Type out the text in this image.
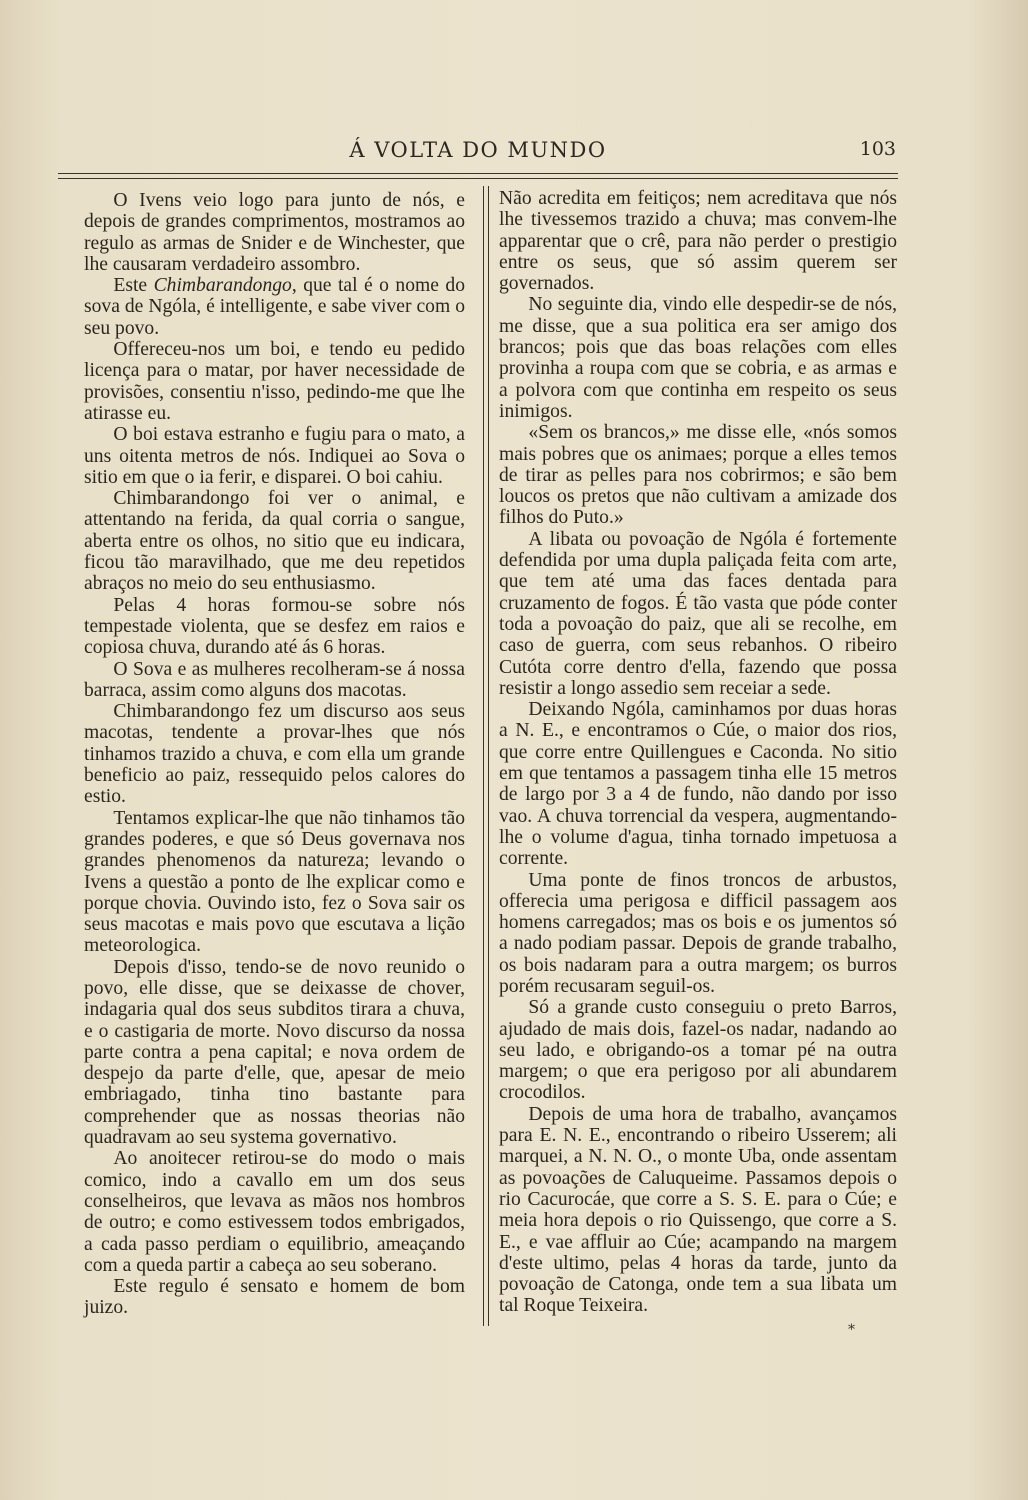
Á VOLTA DO MUNDO	103

O Ivens veio logo para junto de nós, e depois de grandes comprimentos, mostramos ao regulo as armas de Snider e de Winchester, que lhe causaram verdadeiro assombro.

Este Chimbarandongo, que tal é o nome do sova de Ngóla, é intelligente, e sabe viver com o seu povo.

Offereceu-nos um boi, e tendo eu pedido licença para o matar, por haver necessidade de provisões, consentiu n'isso, pedindo-me que lhe atirasse eu.

O boi estava estranho e fugiu para o mato, a uns oitenta metros de nós. Indiquei ao Sova o sitio em que o ia ferir, e disparei. O boi cahiu.

Chimbarandongo foi ver o animal, e attentando na ferida, da qual corria o sangue, aberta entre os olhos, no sitio que eu indicara, ficou tão maravilhado, que me deu repetidos abraços no meio do seu enthusiasmo.

Pelas 4 horas formou-se sobre nós tempestade violenta, que se desfez em raios e copiosa chuva, durando até ás 6 horas.

O Sova e as mulheres recolheram-se á nossa barraca, assim como alguns dos macotas.

Chimbarandongo fez um discurso aos seus macotas, tendente a provar-lhes que nós tinhamos trazido a chuva, e com ella um grande beneficio ao paiz, ressequido pelos calores do estio.

Tentamos explicar-lhe que não tinhamos tão grandes poderes, e que só Deus governava nos grandes phenomenos da natureza; levando o Ivens a questão a ponto de lhe explicar como e porque chovia. Ouvindo isto, fez o Sova sair os seus macotas e mais povo que escutava a lição meteorologica.

Depois d'isso, tendo-se de novo reunido o povo, elle disse, que se deixasse de chover, indagaria qual dos seus subditos tirara a chuva, e o castigaria de morte. Novo discurso da nossa parte contra a pena capital; e nova ordem de despejo da parte d'elle, que, apesar de meio embriagado, tinha tino bastante para comprehender que as nossas theorias não quadravam ao seu systema governativo.

Ao anoitecer retirou-se do modo o mais comico, indo a cavallo em um dos seus conselheiros, que levava as mãos nos hombros de outro; e como estivessem todos embrigados, a cada passo perdiam o equilibrio, ameaçando com a queda partir a cabeça ao seu soberano.

Este regulo é sensato e homem de bom juizo.

Não acredita em feitiços; nem acreditava que nós lhe tivessemos trazido a chuva; mas convem-lhe apparentar que o crê, para não perder o prestigio entre os seus, que só assim querem ser governados.

No seguinte dia, vindo elle despedir-se de nós, me disse, que a sua politica era ser amigo dos brancos; pois que das boas relações com elles provinha a roupa com que se cobria, e as armas e a polvora com que continha em respeito os seus inimigos.

«Sem os brancos,» me disse elle, «nós somos mais pobres que os animaes; porque a elles temos de tirar as pelles para nos cobrirmos; e são bem loucos os pretos que não cultivam a amizade dos filhos do Puto.»

A libata ou povoação de Ngóla é fortemente defendida por uma dupla paliçada feita com arte, que tem até uma das faces dentada para cruzamento de fogos. É tão vasta que póde conter toda a povoação do paiz, que ali se recolhe, em caso de guerra, com seus rebanhos. O ribeiro Cutóta corre dentro d'ella, fazendo que possa resistir a longo assedio sem receiar a sede.

Deixando Ngóla, caminhamos por duas horas a N. E., e encontramos o Cúe, o maior dos rios, que corre entre Quillengues e Caconda. No sitio em que tentamos a passagem tinha elle 15 metros de largo por 3 a 4 de fundo, não dando por isso vao. A chuva torrencial da vespera, augmentando-lhe o volume d'agua, tinha tornado impetuosa a corrente.

Uma ponte de finos troncos de arbustos, offerecia uma perigosa e difficil passagem aos homens carregados; mas os bois e os jumentos só a nado podiam passar. Depois de grande trabalho, os bois nadaram para a outra margem; os burros porém recusaram seguil-os.

Só a grande custo conseguiu o preto Barros, ajudado de mais dois, fazel-os nadar, nadando ao seu lado, e obrigando-os a tomar pé na outra margem; o que era perigoso por ali abundarem crocodilos.

Depois de uma hora de trabalho, avançamos para E. N. E., encontrando o ribeiro Usserem; ali marquei, a N. N. O., o monte Uba, onde assentam as povoações de Caluqueime. Passamos depois o rio Cacurocáe, que corre a S. S. E. para o Cúe; e meia hora depois o rio Quissengo, que corre a S. E., e vae affluir ao Cúe; acampando na margem d'este ultimo, pelas 4 horas da tarde, junto da povoação de Catonga, onde tem a sua libata um tal Roque Teixeira.

*
